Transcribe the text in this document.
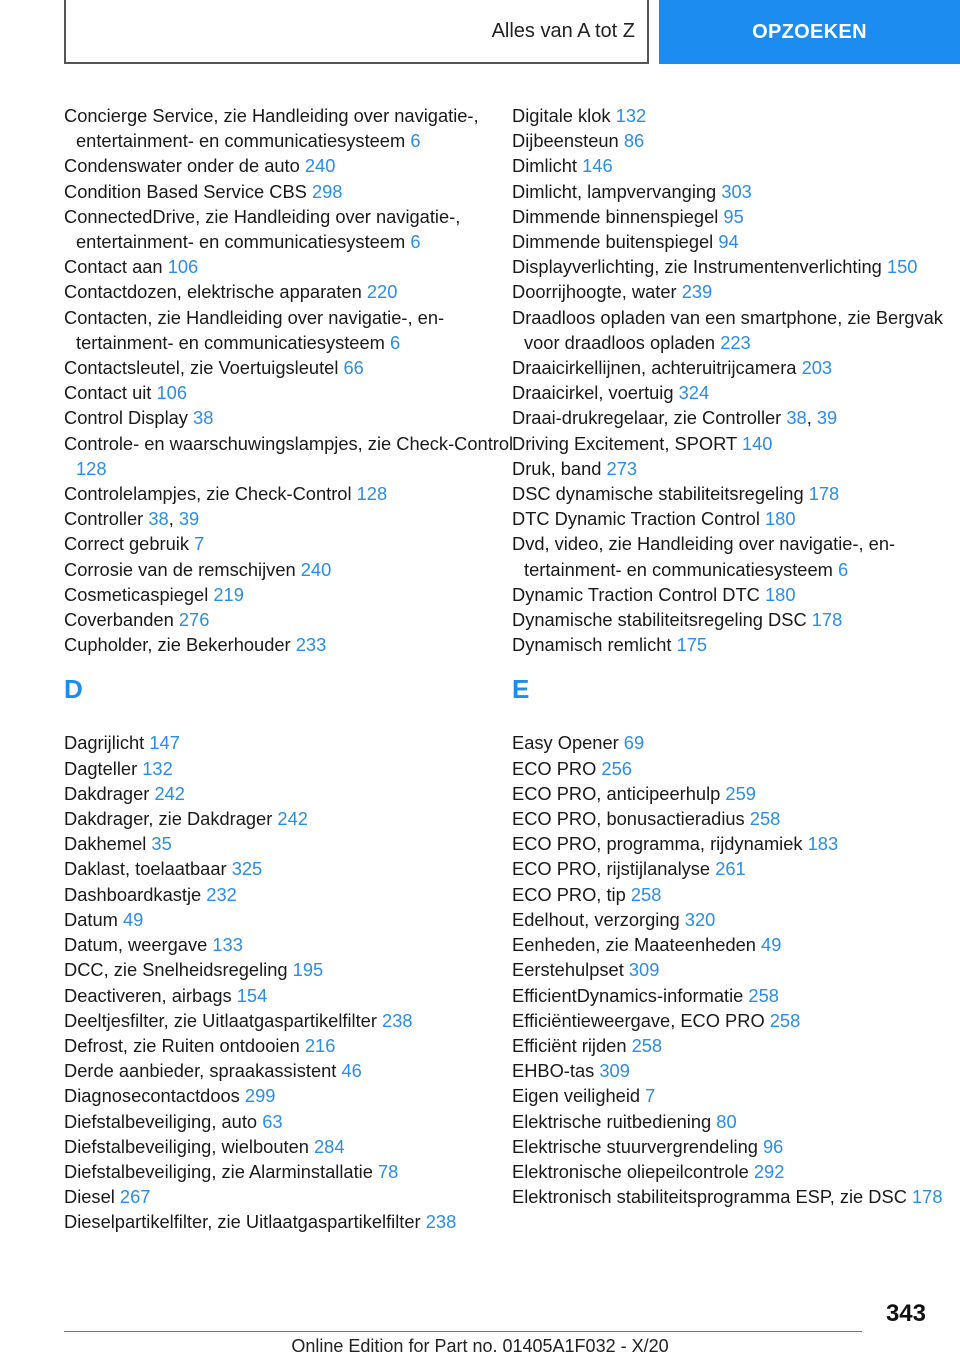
Alles van A tot Z	OPZOEKEN
Concierge Service, zie Handleiding over navigatie-, entertainment- en communicatiesysteem 6
Condenswater onder de auto 240
Condition Based Service CBS 298
ConnectedDrive, zie Handleiding over navigatie-, entertainment- en communicatiesysteem 6
Contact aan 106
Contactdozen, elektrische apparaten 220
Contacten, zie Handleiding over navigatie-, entertainment- en communicatiesysteem 6
Contactsleutel, zie Voertuigsleutel 66
Contact uit 106
Control Display 38
Controle- en waarschuwingslampjes, zie Check-Control 128
Controlelampjes, zie Check-Control 128
Controller 38, 39
Correct gebruik 7
Corrosie van de remschijven 240
Cosmeticaspiegel 219
Coverbanden 276
Cupholder, zie Bekerhouder 233
D
Dagrijlicht 147
Dagteller 132
Dakdrager 242
Dakdrager, zie Dakdrager 242
Dakhemel 35
Daklast, toelaatbaar 325
Dashboardkastje 232
Datum 49
Datum, weergave 133
DCC, zie Snelheidsregeling 195
Deactiveren, airbags 154
Deeltjesfilter, zie Uitlaatgaspartikelfilter 238
Defrost, zie Ruiten ontdooien 216
Derde aanbieder, spraakassistent 46
Diagnosecontactdoos 299
Diefstalbeveiliging, auto 63
Diefstalbeveiliging, wielbouten 284
Diefstalbeveiliging, zie Alarminstallatie 78
Diesel 267
Dieselpartikelfilter, zie Uitlaatgaspartikelfilter 238
Digitale klok 132
Dijbeensteun 86
Dimlicht 146
Dimlicht, lampvervanging 303
Dimmende binnenspiegel 95
Dimmende buitenspiegel 94
Displayverlichting, zie Instrumentenverlichting 150
Doorrijhoogte, water 239
Draadloos opladen van een smartphone, zie Bergvak voor draadloos opladen 223
Draaicirkellijnen, achteruitrijcamera 203
Draaicirkel, voertuig 324
Draai-drukregelaar, zie Controller 38, 39
Driving Excitement, SPORT 140
Druk, band 273
DSC dynamische stabiliteitsregeling 178
DTC Dynamic Traction Control 180
Dvd, video, zie Handleiding over navigatie-, entertainment- en communicatiesysteem 6
Dynamic Traction Control DTC 180
Dynamische stabiliteitsregeling DSC 178
Dynamisch remlicht 175
E
Easy Opener 69
ECO PRO 256
ECO PRO, anticipeerhulp 259
ECO PRO, bonusactieradius 258
ECO PRO, programma, rijdynamiek 183
ECO PRO, rijstijlanalyse 261
ECO PRO, tip 258
Edelhout, verzorging 320
Eenheden, zie Maateenheden 49
Eerstehulpset 309
EfficientDynamics-informatie 258
Efficiëntieweergave, ECO PRO 258
Efficiënt rijden 258
EHBO-tas 309
Eigen veiligheid 7
Elektrische ruitbediening 80
Elektrische stuurvergrendeling 96
Elektronische oliepeilcontrole 292
Elektronisch stabiliteitsprogramma ESP, zie DSC 178
343
Online Edition for Part no. 01405A1F032 - X/20
